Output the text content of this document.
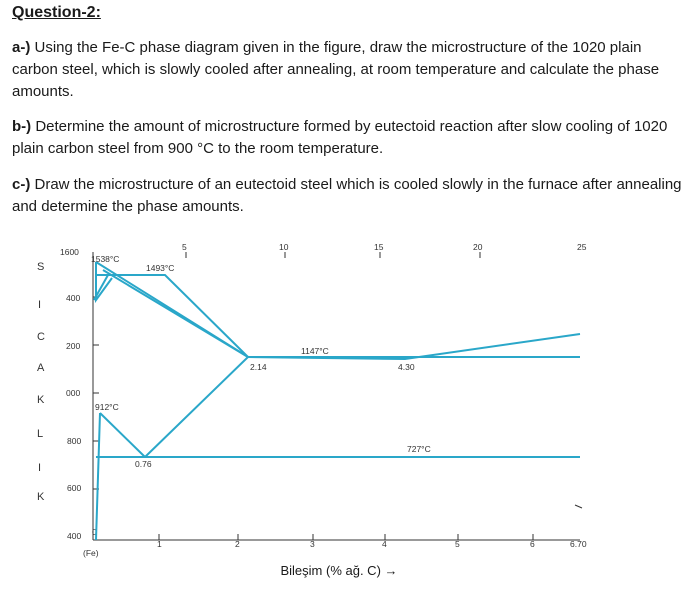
Question-2:
a-) Using the Fe-C phase diagram given in the figure, draw the microstructure of the 1020 plain carbon steel, which is slowly cooled after annealing, at room temperature and calculate the phase amounts.
b-) Determine the amount of microstructure formed by eutectoid reaction after slow cooling of 1020 plain carbon steel from 900 °C to the room temperature.
c-) Draw the microstructure of an eutectoid steel which is cooled slowly in the furnace after annealing and determine the phase amounts.
S
I
C
A
K
L
I
K
1600
400
200
000
800
600
400 0
1	2	3	4	5	6	6.70
(Fe)
5	10	15	20	25
1538°C
1493°C
1147°C
912°C
727°C
2.14	4.30
0.76
Bileşim (% ağ. C) →
